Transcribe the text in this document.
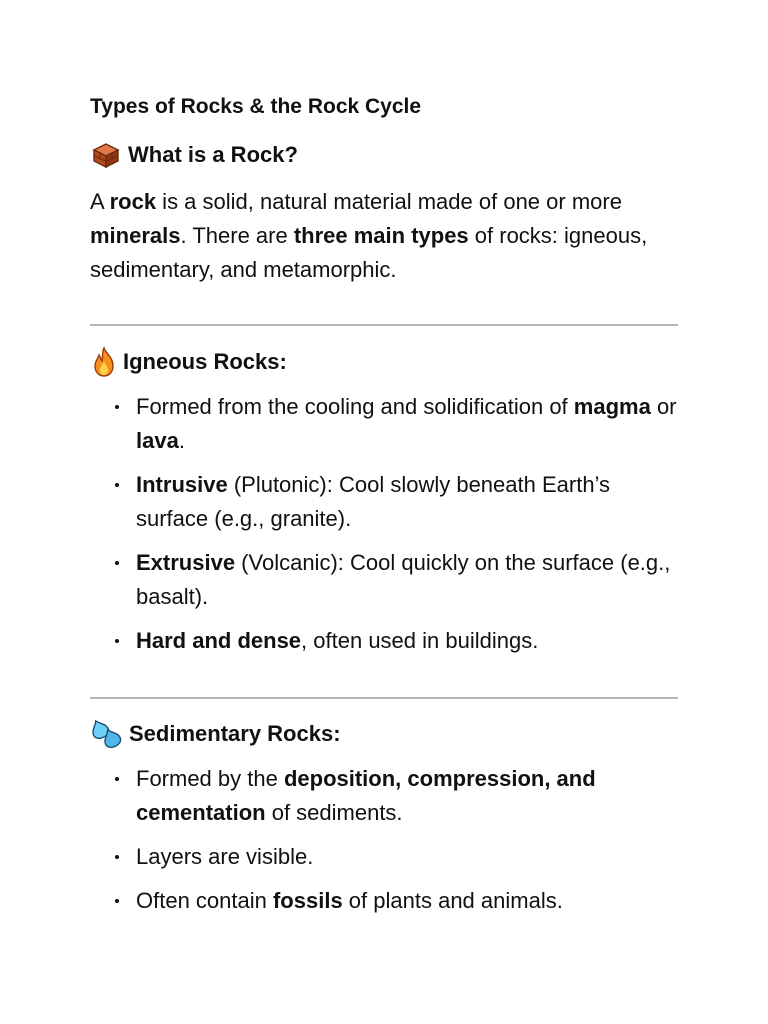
Types of Rocks & the Rock Cycle
What is a Rock?
A rock is a solid, natural material made of one or more minerals. There are three main types of rocks: igneous, sedimentary, and metamorphic.
Igneous Rocks:
Formed from the cooling and solidification of magma or lava.
Intrusive (Plutonic): Cool slowly beneath Earth’s surface (e.g., granite).
Extrusive (Volcanic): Cool quickly on the surface (e.g., basalt).
Hard and dense, often used in buildings.
Sedimentary Rocks:
Formed by the deposition, compression, and cementation of sediments.
Layers are visible.
Often contain fossils of plants and animals.
